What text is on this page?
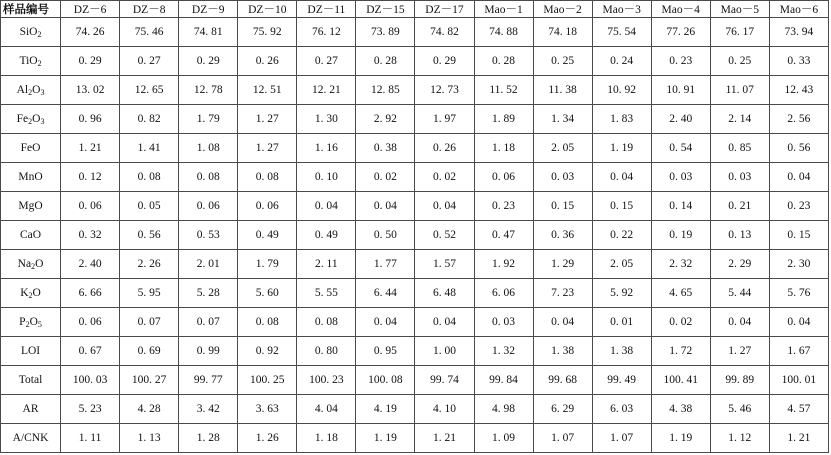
样品编号	DZ－6	DZ－8	DZ－9	DZ－10	DZ－11	DZ－15	DZ－17	Mao－1	Mao－2	Mao－3	Mao－4	Mao－5	Mao－6
SiO$_2$	74. 26	75. 46	74. 81	75. 92	76. 12	73. 89	74. 82	74. 88	74. 18	75. 54	77. 26	76. 17	73. 94
TiO$_2$	0. 29	0. 27	0. 29	0. 26	0. 27	0. 28	0. 29	0. 28	0. 25	0. 24	0. 23	0. 25	0. 33
$Al_2O_3$	13. 02	12. 65	12. 78	12. 51	12. 21	12. 85	12. 73	11. 52	11. 38	10. 92	10. 91	11. 07	12. 43
$Fe_2O_3$	0. 96	0. 82	1. 79	1. 27	1. 30	2. 92	1. 97	1. 89	1. 34	1. 83	2. 40	2. 14	2. 56
FeO	1. 21	1. 41	1. 08	1. 27	1. 16	0. 38	0. 26	1. 18	2. 05	1. 19	0. 54	0. 85	0. 56
MnO	0. 12	0. 08	0. 08	0. 08	0. 10	0. 02	0. 02	0. 06	0. 03	0. 04	0. 03	0. 03	0. 04
MgO	0. 06	0. 05	0. 06	0. 06	0. 04	0. 04	0. 04	0. 23	0. 15	0. 15	0. 14	0. 21	0. 23
CaO	0. 32	0. 56	0. 53	0. 49	0. 49	0. 50	0. 52	0. 47	0. 36	0. 22	0. 19	0. 13	0. 15
$Na_2O$	2. 40	2. 26	2. 01	1. 79	2. 11	1. 77	1. 57	1. 92	1. 29	2. 05	2. 32	2. 29	2. 30
$K_2O$	6. 66	5. 95	5. 28	5. 60	5. 55	6. 44	6. 48	6. 06	7. 23	5. 92	4. 65	5. 44	5. 76
$P_2O_5$	0. 06	0. 07	0. 07	0. 08	0. 08	0. 04	0. 04	0. 03	0. 04	0. 01	0. 02	0. 04	0. 04
LOI	0. 67	0. 69	0. 99	0. 92	0. 80	0. 95	1. 00	1. 32	1. 38	1. 38	1. 72	1. 27	1. 67
Total	100. 03	100. 27	99. 77	100. 25	100. 23	100. 08	99. 74	99. 84	99. 68	99. 49	100. 41	99. 89	100. 01
AR	5. 23	4. 28	3. 42	3. 63	4. 04	4. 19	4. 10	4. 98	6. 29	6. 03	4. 38	5. 46	4. 57
A/CNK	1. 11	1. 13	1. 28	1. 26	1. 18	1. 19	1. 21	1. 09	1. 07	1. 07	1. 19	1. 12	1. 21
